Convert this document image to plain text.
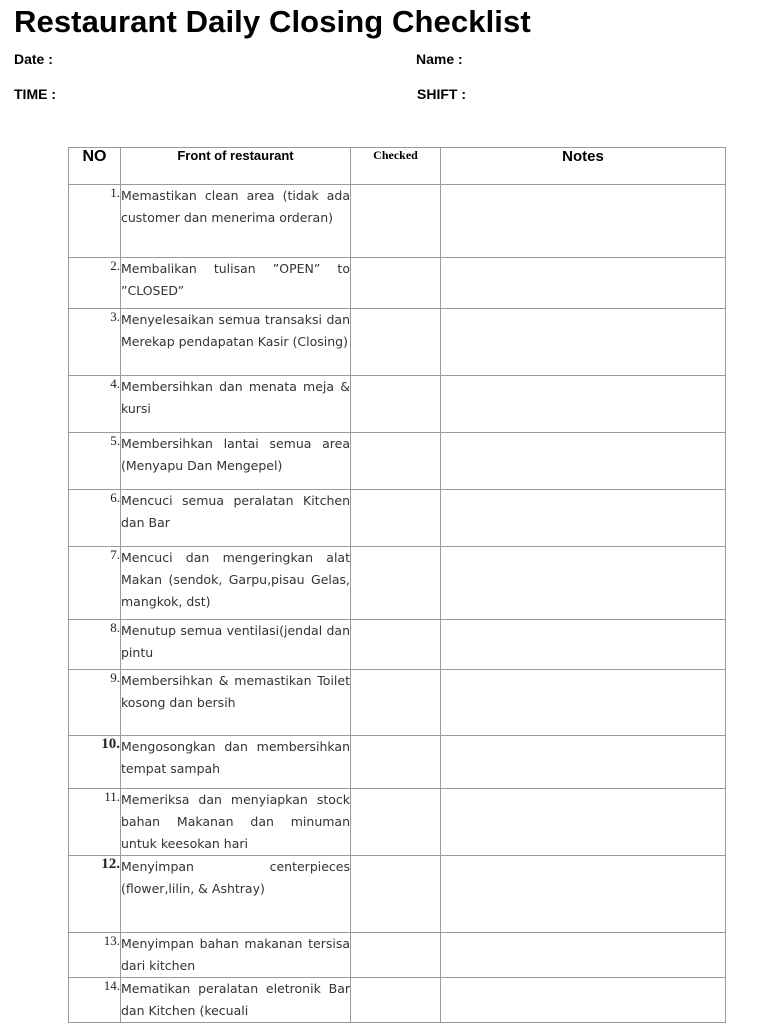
Restaurant Daily Closing Checklist
Date :	Name :
TIME :	SHIFT :
NO	Front of restaurant	Checked	Notes
1.	Memastikan clean area (tidak ada customer dan menerima orderan)		

2.	Membalikan tulisan ”OPEN” to ”CLOSED”		

3.	Menyelesaikan semua transaksi dan Merekap pendapatan Kasir (Closing)		

4.	Membersihkan dan menata meja & kursi		

5.	Membersihkan lantai semua area (Menyapu Dan Mengepel)		

6.	Mencuci semua peralatan Kitchen dan Bar		

7.	Mencuci dan mengeringkan alat Makan (sendok, Garpu,pisau Gelas, mangkok, dst)		

8.	Menutup semua ventilasi(jendal dan pintu		

9.	Membersihkan & memastikan Toilet kosong dan bersih		

10.	Mengosongkan dan membersihkan tempat sampah		

11.	Memeriksa dan menyiapkan stock bahan Makanan dan minuman untuk keesokan hari		

12.	Menyimpan centerpieces (flower,lilin, & Ashtray)		

13.	Menyimpan bahan makanan tersisa dari kitchen		

14.	Mematikan peralatan eletronik Bar dan Kitchen (kecuali		
